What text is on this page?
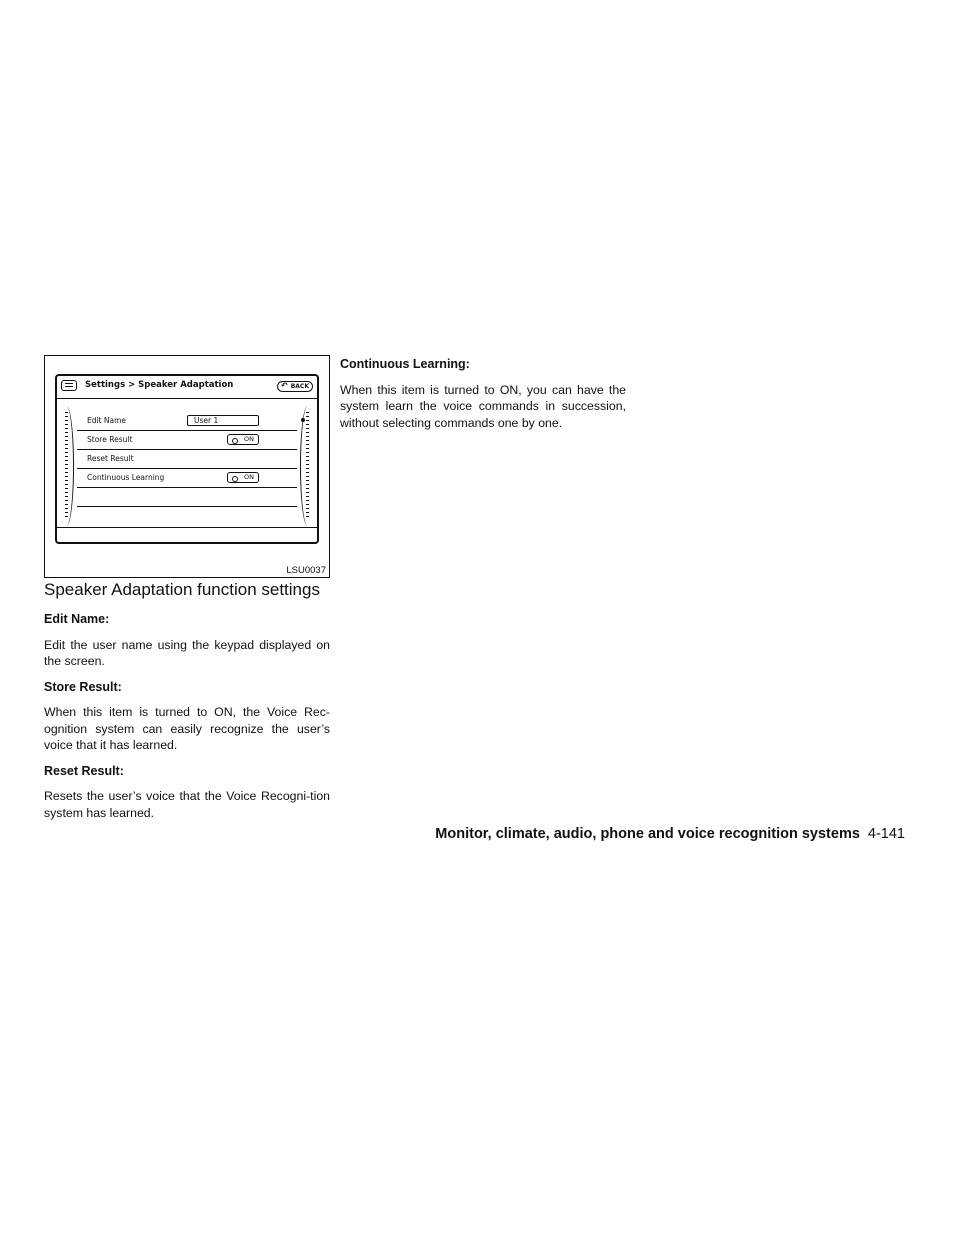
Settings > Speaker Adaptation	↶ BACK
Edit Name	User 1
Store Result	ON
Reset Result
Continuous Learning	ON
LSU0037
Speaker Adaptation function settings
Edit Name:

Edit the user name using the keypad displayed on the screen.

Store Result:

When this item is turned to ON, the Voice Rec-ognition system can easily recognize the user’s voice that it has learned.

Reset Result:

Resets the user’s voice that the Voice Recogni-tion system has learned.

Continuous Learning:

When this item is turned to ON, you can have the system learn the voice commands in succession, without selecting commands one by one.

Monitor, climate, audio, phone and voice recognition systems 4-141
